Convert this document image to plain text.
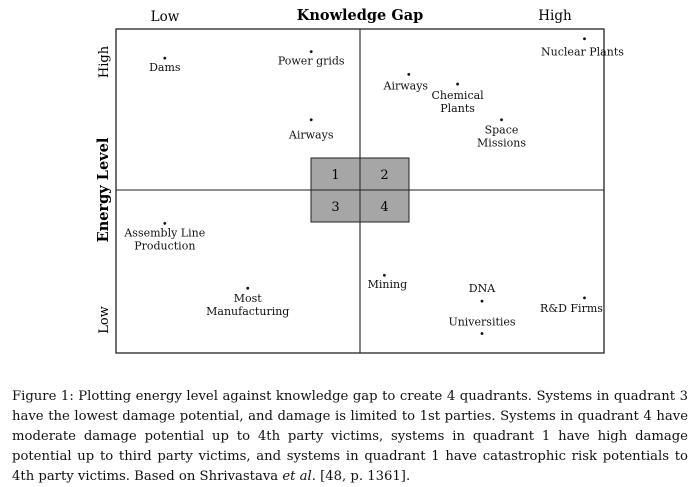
1	2
3	4
Knowledge Gap
Low	High
Energy Level
High
Low
Dams	Power grids
Airways
Nuclear Plants
Airways
Chemical
Plants
Space
Missions
Assembly Line
Production
Most
Manufacturing
Mining	DNA
Universities
R&D Firms

Figure 1: Plotting energy level against knowledge gap to create 4 quadrants. Systems in quadrant 3 have the lowest damage potential, and damage is limited to 1st parties. Systems in quadrant 4 have moderate damage potential up to 4th party victims, systems in quadrant 1 have high damage potential up to third party victims, and systems in quadrant 1 have catastrophic risk potentials to 4th party victims. Based on Shrivastava et al. [48, p. 1361].
